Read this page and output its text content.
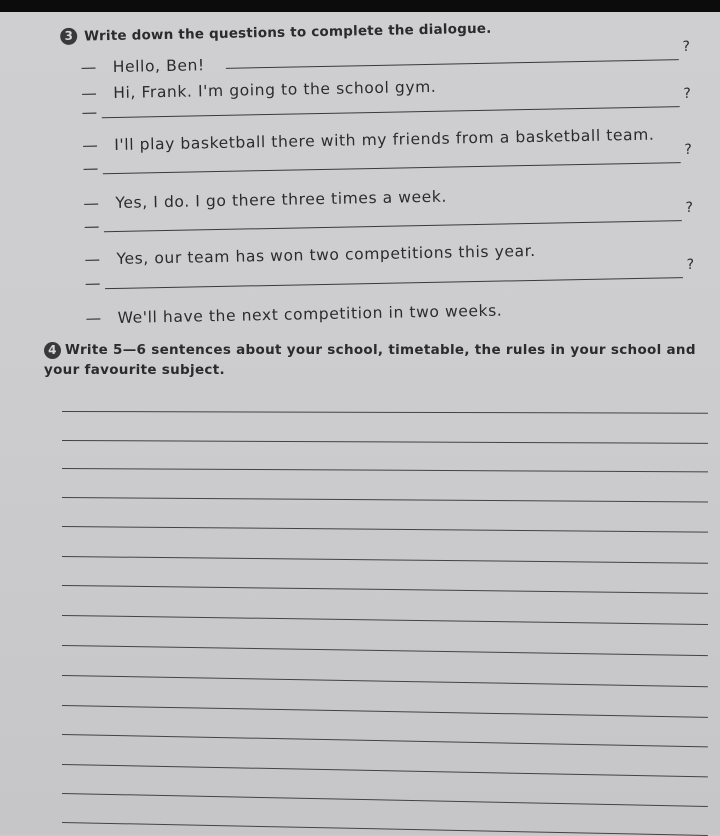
3 Write down the questions to complete the dialogue.
— Hello, Ben!
?
— Hi, Frank. I'm going to the school gym.
—
?
— I'll play basketball there with my friends from a basketball team.
—
?
— Yes, I do. I go there three times a week.
—
?
— Yes, our team has won two competitions this year.
—
?
— We'll have the next competition in two weeks.
4 Write 5—6 sentences about your school, timetable, the rules in your school and your favourite subject.
